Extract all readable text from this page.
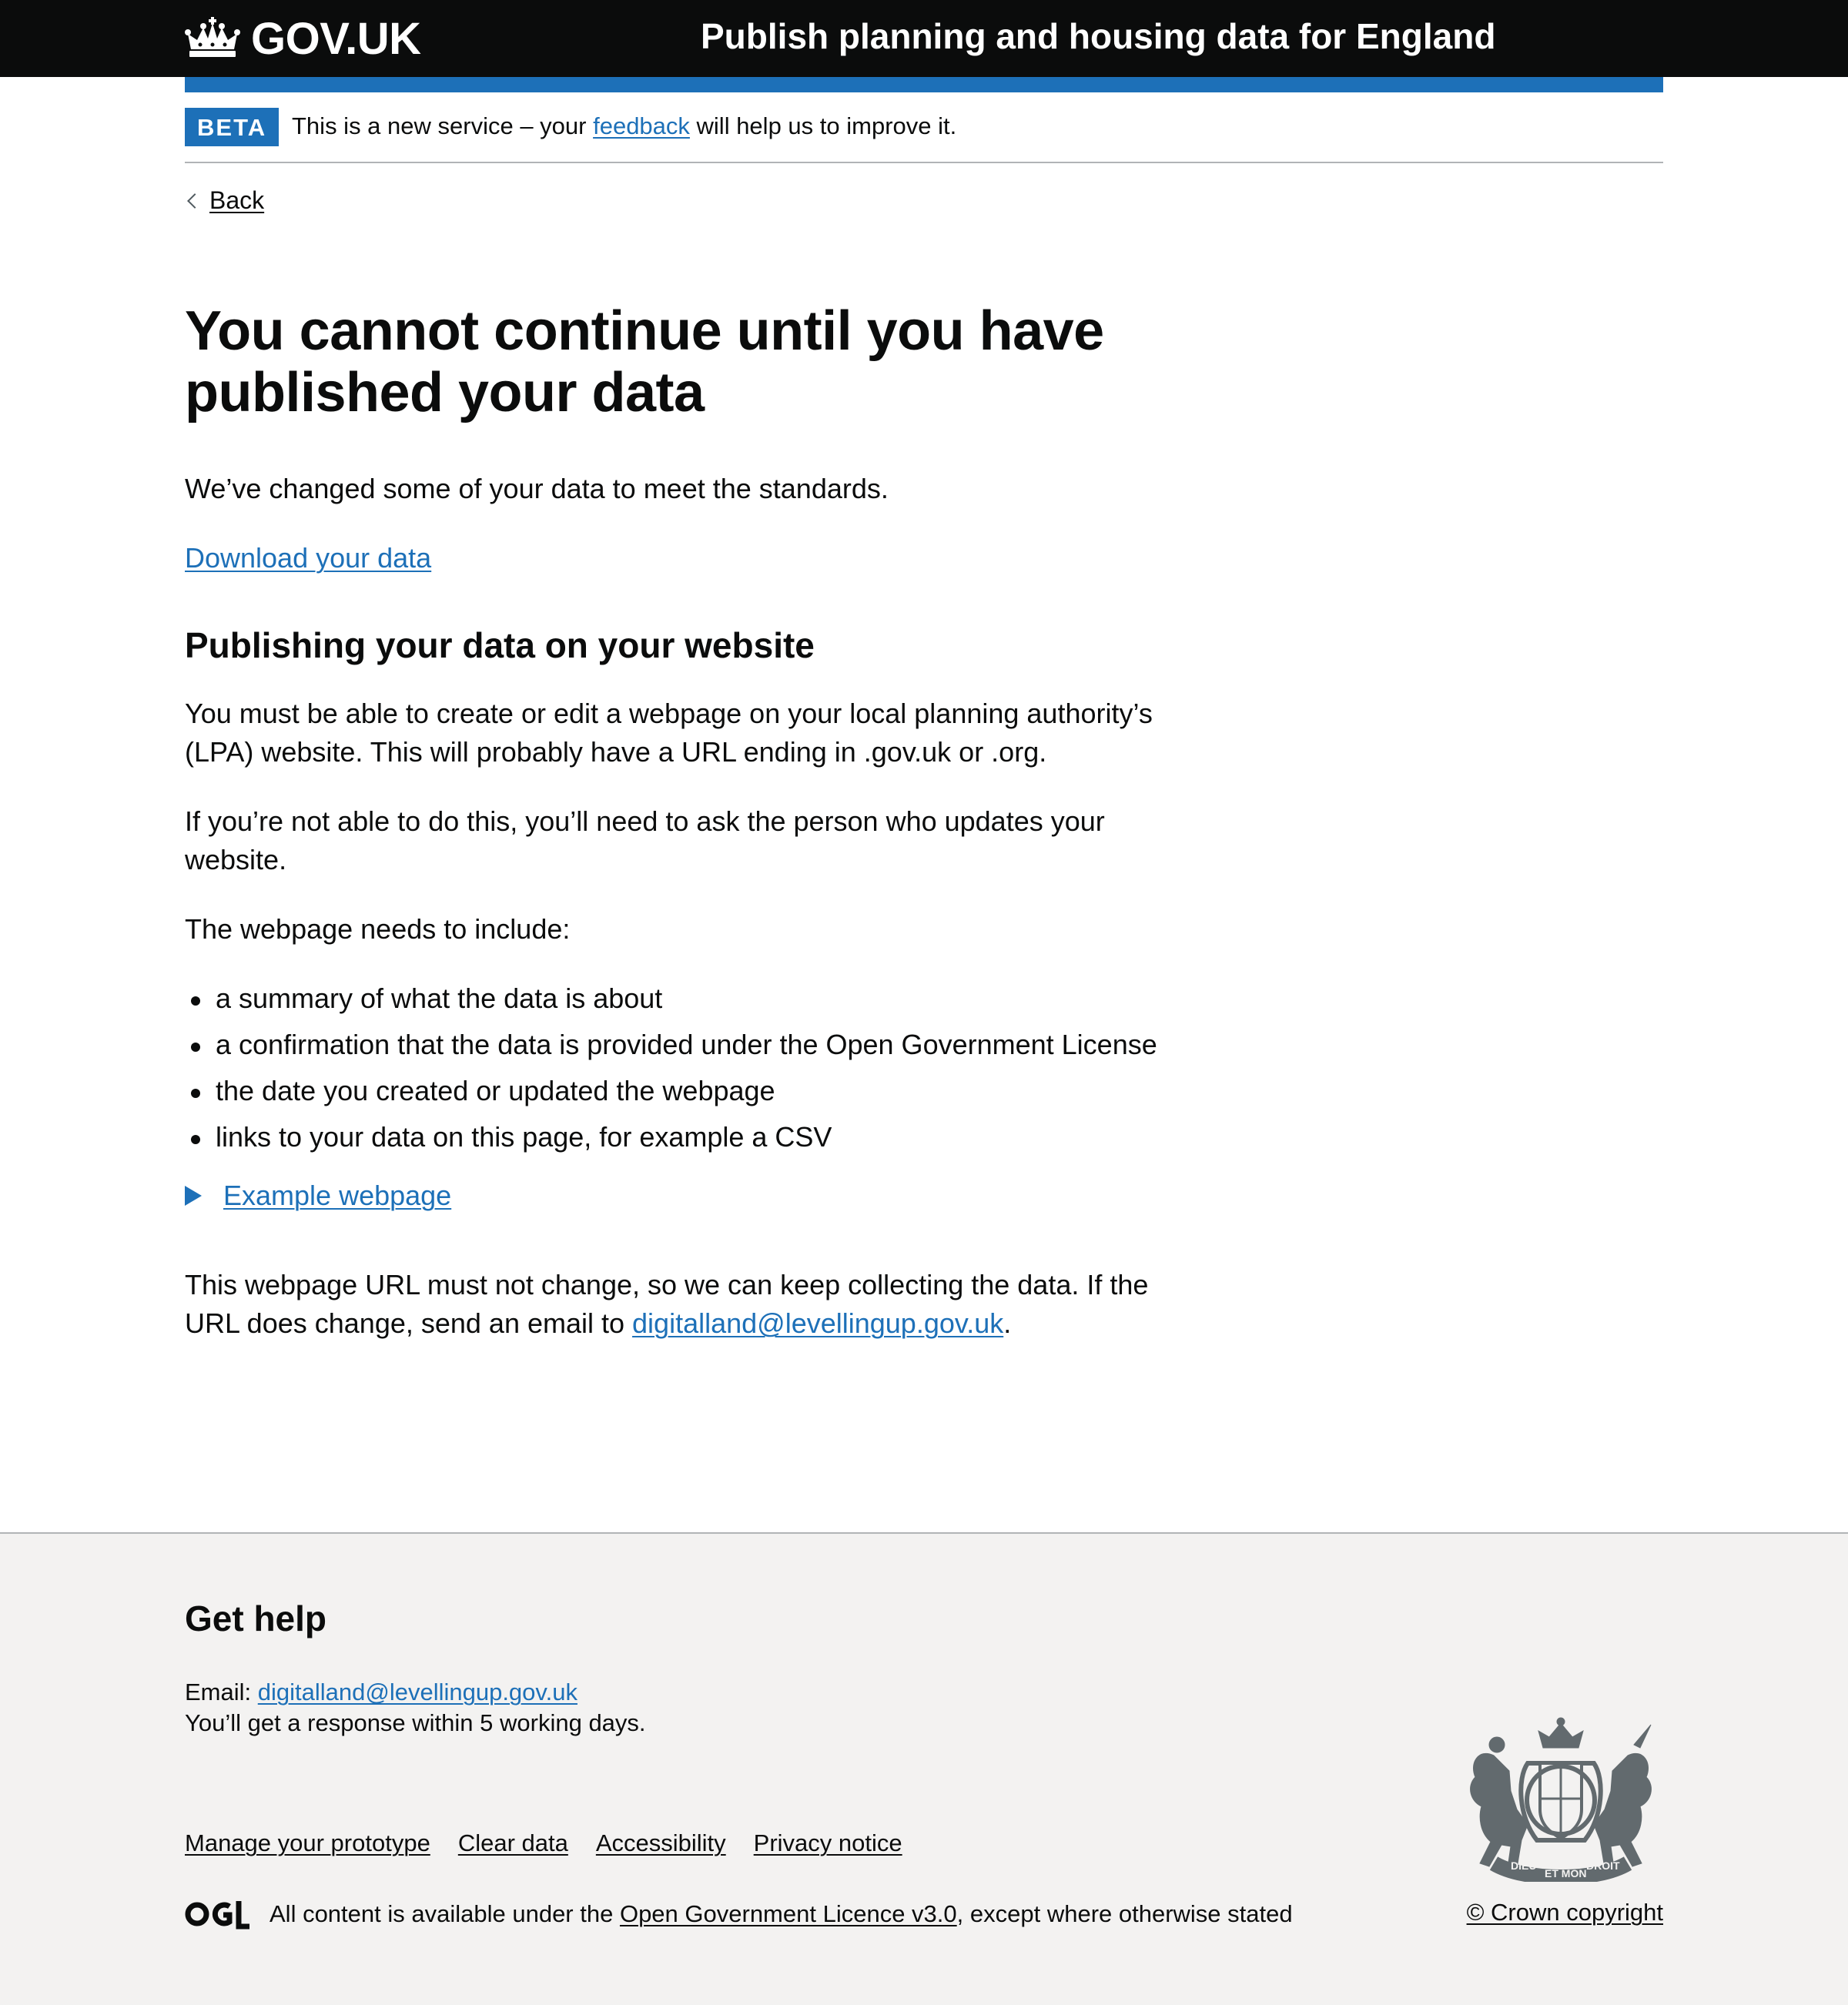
GOV.UK	Publish planning and housing data for England
BETA	This is a new service – your feedback will help us to improve it.
Back
You cannot continue until you have published your data

We’ve changed some of your data to meet the standards.

Download your data

Publishing your data on your website

You must be able to create or edit a webpage on your local planning authority’s (LPA) website. This will probably have a URL ending in .gov.uk or .org.

If you’re not able to do this, you’ll need to ask the person who updates your website.

The webpage needs to include:

a summary of what the data is about
a confirmation that the data is provided under the Open Government License
the date you created or updated the webpage
links to your data on this page, for example a CSV
Example webpage

This webpage URL must not change, so we can keep collecting the data. If the URL does change, send an email to digitalland@levellingup.gov.uk.

Get help
Email: digitalland@levellingup.gov.uk
You’ll get a response within 5 working days.
Manage your prototype Clear data Accessibility Privacy notice
All content is available under the Open Government Licence v3.0 , except where otherwise stated
DIEU
ET MON
DROIT
© Crown copyright
